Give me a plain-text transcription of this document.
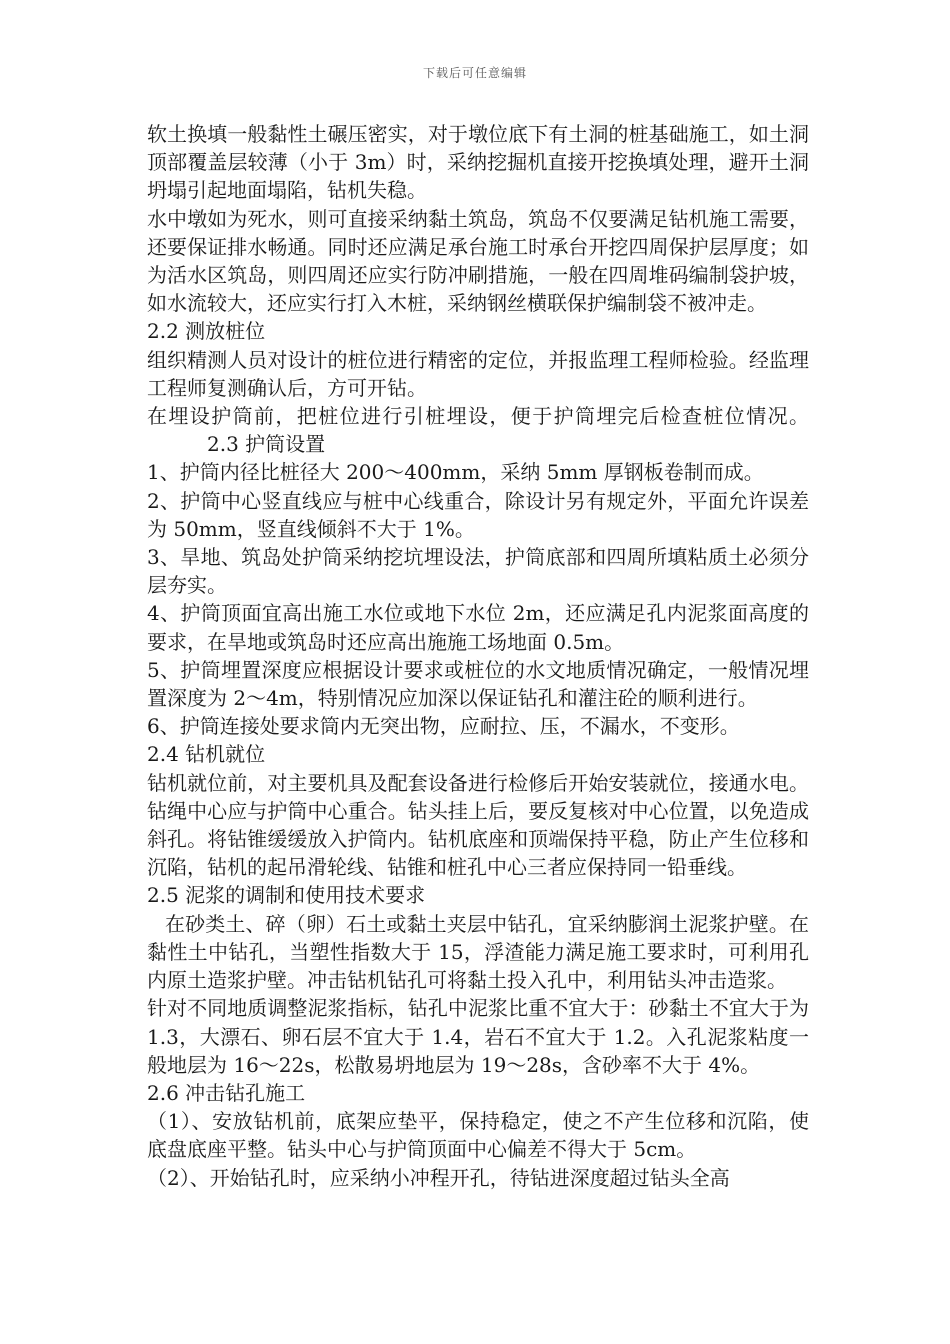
下载后可任意编辑

软土换填一般黏性土碾压密实，对于墩位底下有土洞的桩基础施工，如土洞顶部覆盖层较薄（小于 3m）时，采纳挖掘机直接开挖换填处理，避开土洞坍塌引起地面塌陷，钻机失稳。

水中墩如为死水，则可直接采纳黏土筑岛，筑岛不仅要满足钻机施工需要，还要保证排水畅通。同时还应满足承台施工时承台开挖四周保护层厚度；如为活水区筑岛，则四周还应实行防冲刷措施，一般在四周堆码编制袋护坡，如水流较大，还应实行打入木桩，采纳钢丝横联保护编制袋不被冲走。

2.2 测放桩位

组织精测人员对设计的桩位进行精密的定位，并报监理工程师检验。经监理工程师复测确认后，方可开钻。

在埋设护筒前，把桩位进行引桩埋设，便于护筒埋完后检查桩位情况。2.3 护筒设置

1、护筒内径比桩径大 200～400mm，采纳 5mm 厚钢板卷制而成。

2、护筒中心竖直线应与桩中心线重合，除设计另有规定外，平面允许误差为 50mm，竖直线倾斜不大于 1%。

3、旱地、筑岛处护筒采纳挖坑埋设法，护筒底部和四周所填粘质土必须分层夯实。

4、护筒顶面宜高出施工水位或地下水位 2m，还应满足孔内泥浆面高度的要求，在旱地或筑岛时还应高出施施工场地面 0.5m。

5、护筒埋置深度应根据设计要求或桩位的水文地质情况确定，一般情况埋置深度为 2～4m，特别情况应加深以保证钻孔和灌注砼的顺利进行。

6、护筒连接处要求筒内无突出物，应耐拉、压，不漏水，不变形。

2.4 钻机就位

钻机就位前，对主要机具及配套设备进行检修后开始安装就位，接通水电。钻绳中心应与护筒中心重合。钻头挂上后，要反复核对中心位置，以免造成斜孔。将钻锥缓缓放入护筒内。钻机底座和顶端保持平稳，防止产生位移和沉陷，钻机的起吊滑轮线、钻锥和桩孔中心三者应保持同一铅垂线。

2.5 泥浆的调制和使用技术要求

在砂类土、碎（卵）石土或黏土夹层中钻孔，宜采纳膨润土泥浆护壁。在黏性土中钻孔，当塑性指数大于 15，浮渣能力满足施工要求时，可利用孔内原土造浆护壁。冲击钻机钻孔可将黏土投入孔中，利用钻头冲击造浆。

针对不同地质调整泥浆指标，钻孔中泥浆比重不宜大于：砂黏土不宜大于为 1.3，大漂石、卵石层不宜大于 1.4，岩石不宜大于 1.2。入孔泥浆粘度一般地层为 16～22s，松散易坍地层为 19～28s，含砂率不大于 4%。

2.6 冲击钻孔施工

（1）、安放钻机前，底架应垫平，保持稳定，使之不产生位移和沉陷，使底盘底座平整。钻头中心与护筒顶面中心偏差不得大于 5cm。

（2）、开始钻孔时，应采纳小冲程开孔，待钻进深度超过钻头全高
